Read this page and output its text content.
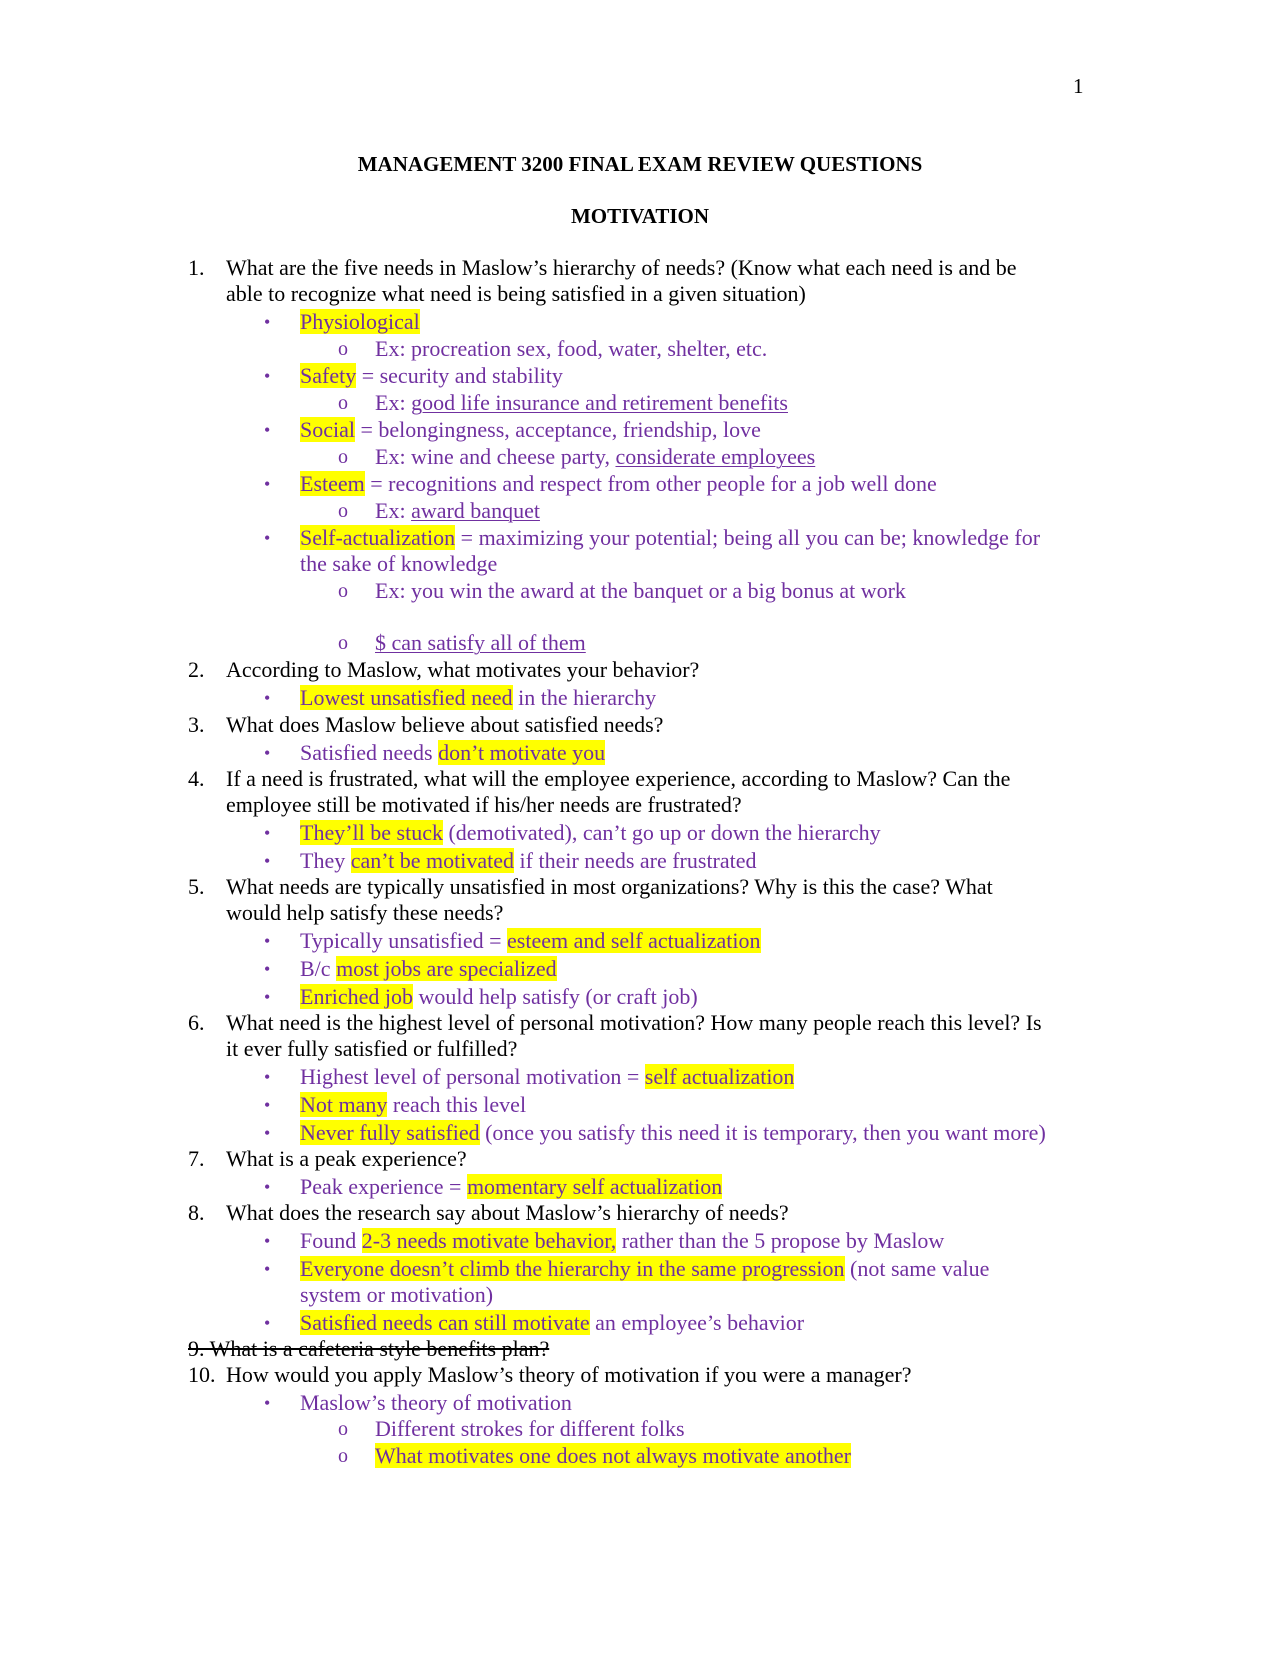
1
MANAGEMENT 3200 FINAL EXAM REVIEW QUESTIONS
MOTIVATION
1. What are the five needs in Maslow’s hierarchy of needs? (Know what each need is and be
able to recognize what need is being satisfied in a given situation)
• Physiological
o Ex: procreation sex, food, water, shelter, etc.
• Safety = security and stability
o Ex: good life insurance and retirement benefits
• Social = belongingness, acceptance, friendship, love
o Ex: wine and cheese party, considerate employees
• Esteem = recognitions and respect from other people for a job well done
o Ex: award banquet
• Self-actualization = maximizing your potential; being all you can be; knowledge for
the sake of knowledge
o Ex: you win the award at the banquet or a big bonus at work
o $ can satisfy all of them
2. According to Maslow, what motivates your behavior?
• Lowest unsatisfied need in the hierarchy
3. What does Maslow believe about satisfied needs?
• Satisfied needs don’t motivate you
4. If a need is frustrated, what will the employee experience, according to Maslow? Can the
employee still be motivated if his/her needs are frustrated?
• They’ll be stuck (demotivated), can’t go up or down the hierarchy
• They can’t be motivated if their needs are frustrated
5. What needs are typically unsatisfied in most organizations? Why is this the case? What
would help satisfy these needs?
• Typically unsatisfied = esteem and self actualization
• B/c most jobs are specialized
• Enriched job would help satisfy (or craft job)
6. What need is the highest level of personal motivation? How many people reach this level? Is
it ever fully satisfied or fulfilled?
• Highest level of personal motivation = self actualization
• Not many reach this level
• Never fully satisfied (once you satisfy this need it is temporary, then you want more)
7. What is a peak experience?
• Peak experience = momentary self actualization
8. What does the research say about Maslow’s hierarchy of needs?
• Found 2-3 needs motivate behavior, rather than the 5 propose by Maslow
• Everyone doesn’t climb the hierarchy in the same progression (not same value
system or motivation)
• Satisfied needs can still motivate an employee’s behavior
9. What is a cafeteria style benefits plan?
10. How would you apply Maslow’s theory of motivation if you were a manager?
• Maslow’s theory of motivation
o Different strokes for different folks
o What motivates one does not always motivate another
